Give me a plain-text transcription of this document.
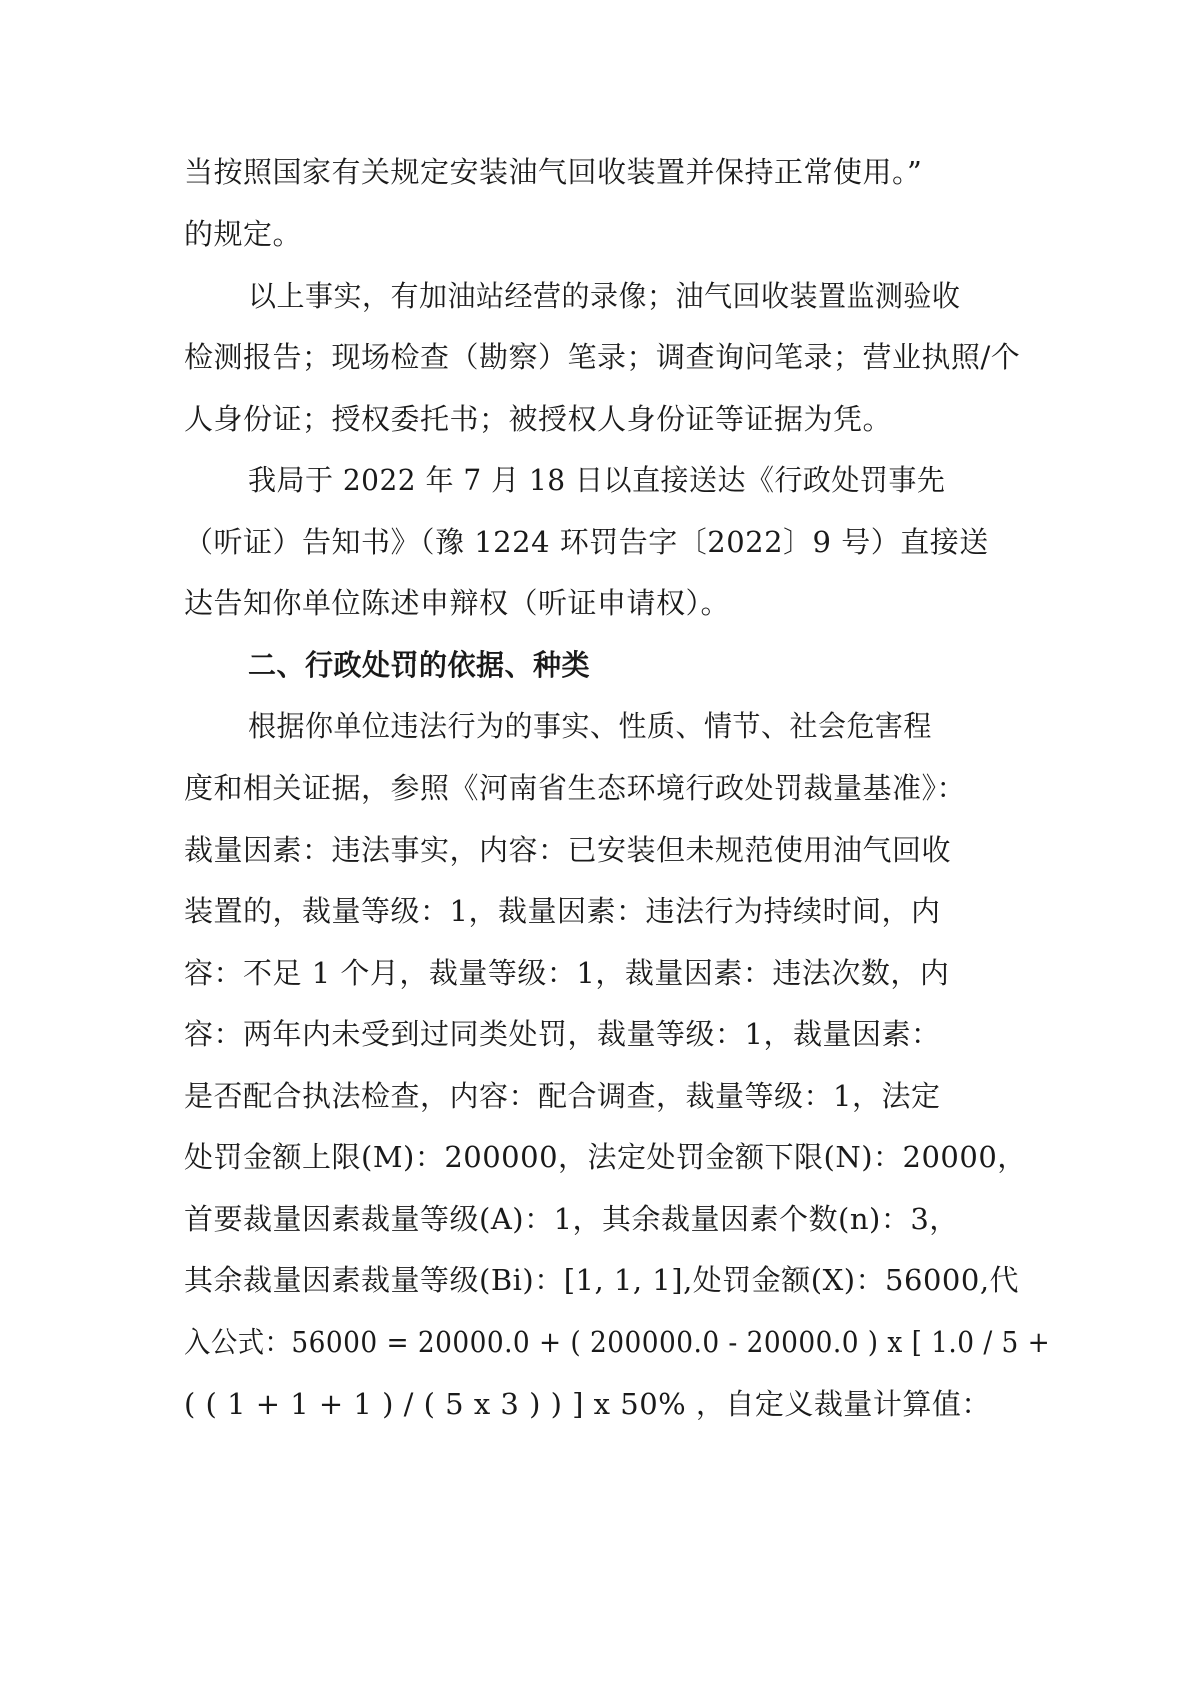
当按照国家有关规定安装油气回收装置并保持正常使用。”
的规定。
以上事实，有加油站经营的录像；油气回收装置监测验收
检测报告；现场检查（勘察）笔录；调查询问笔录；营业执照/个
人身份证；授权委托书；被授权人身份证等证据为凭。
我局于 2022 年 7 月 18 日以直接送达《行政处罚事先
（听证）告知书》（豫 1224 环罚告字〔2022〕9 号）直接送
达告知你单位陈述申辩权（听证申请权）。
二、行政处罚的依据、种类
根据你单位违法行为的事实、性质、情节、社会危害程
度和相关证据，参照《河南省生态环境行政处罚裁量基准》：
裁量因素：违法事实，内容：已安装但未规范使用油气回收
装置的，裁量等级：1，裁量因素：违法行为持续时间，内
容：不足 1 个月，裁量等级：1，裁量因素：违法次数，内
容：两年内未受到过同类处罚，裁量等级：1，裁量因素：
是否配合执法检查，内容：配合调查，裁量等级：1，法定
处罚金额上限(M)：200000，法定处罚金额下限(N)：20000，
首要裁量因素裁量等级(A)：1，其余裁量因素个数(n)：3，
其余裁量因素裁量等级(Bi)：[1, 1, 1],处罚金额(X)：56000,代
入公式：56000 = 20000.0 + ( 200000.0 - 20000.0 ) x [ 1.0 / 5 +
( ( 1 + 1 + 1 ) / ( 5 x 3 ) ) ] x 50% ，自定义裁量计算值：
